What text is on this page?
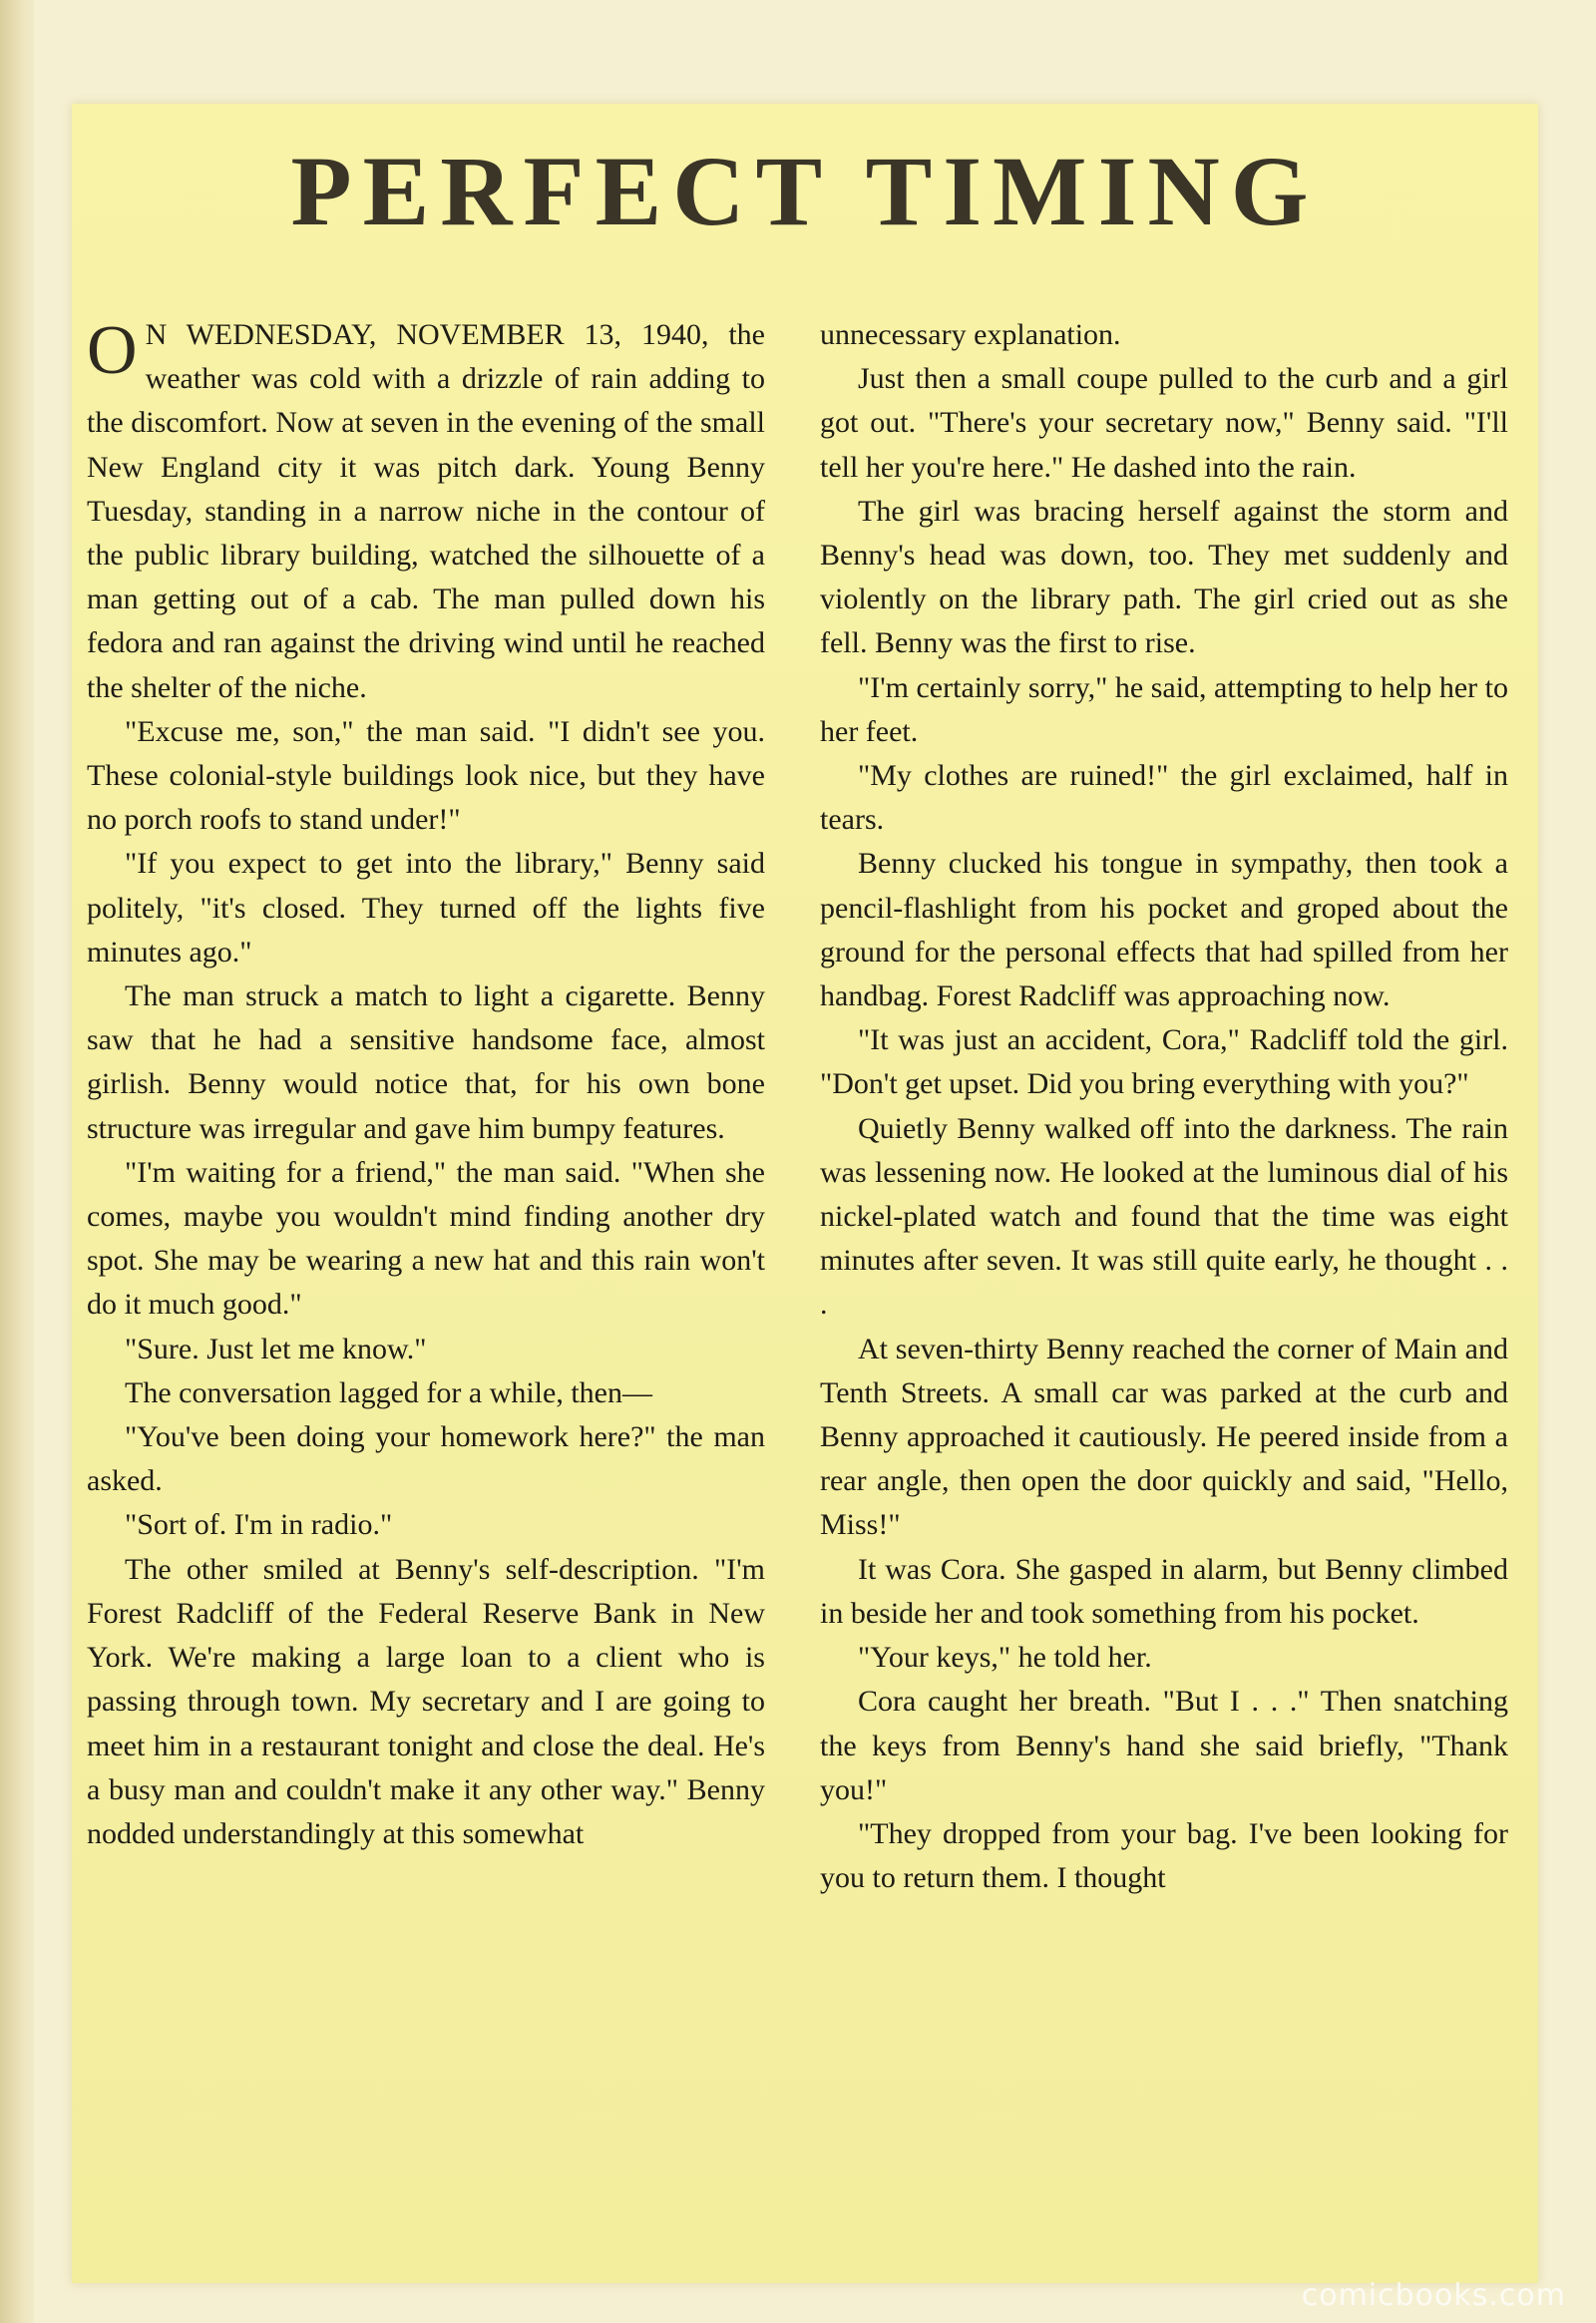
PERFECT TIMING

O N WEDNESDAY, NOVEMBER 13, 1940, the weather was cold with a drizzle of rain adding to the discomfort. Now at seven in the evening of the small New England city it was pitch dark. Young Benny Tuesday, standing in a narrow niche in the contour of the public library building, watched the silhouette of a man getting out of a cab. The man pulled down his fedora and ran against the driving wind until he reached the shelter of the niche.

"Excuse me, son," the man said. "I didn't see you. These colonial-style buildings look nice, but they have no porch roofs to stand under!"

"If you expect to get into the library," Benny said politely, "it's closed. They turned off the lights five minutes ago."

The man struck a match to light a cigarette. Benny saw that he had a sensitive handsome face, almost girlish. Benny would notice that, for his own bone structure was irregular and gave him bumpy features.

"I'm waiting for a friend," the man said. "When she comes, maybe you wouldn't mind finding another dry spot. She may be wearing a new hat and this rain won't do it much good."

"Sure. Just let me know."

The conversation lagged for a while, then—

"You've been doing your homework here?" the man asked.

"Sort of. I'm in radio."

The other smiled at Benny's self-description. "I'm Forest Radcliff of the Federal Reserve Bank in New York. We're making a large loan to a client who is passing through town. My secretary and I are going to meet him in a restaurant tonight and close the deal. He's a busy man and couldn't make it any other way." Benny nodded understandingly at this somewhat

unnecessary explanation.

Just then a small coupe pulled to the curb and a girl got out. "There's your secretary now," Benny said. "I'll tell her you're here." He dashed into the rain.

The girl was bracing herself against the storm and Benny's head was down, too. They met suddenly and violently on the library path. The girl cried out as she fell. Benny was the first to rise.

"I'm certainly sorry," he said, attempting to help her to her feet.

"My clothes are ruined!" the girl exclaimed, half in tears.

Benny clucked his tongue in sympathy, then took a pencil-flashlight from his pocket and groped about the ground for the personal effects that had spilled from her handbag. Forest Radcliff was approaching now.

"It was just an accident, Cora," Radcliff told the girl. "Don't get upset. Did you bring everything with you?"

Quietly Benny walked off into the darkness. The rain was lessening now. He looked at the luminous dial of his nickel-plated watch and found that the time was eight minutes after seven. It was still quite early, he thought . . .

At seven-thirty Benny reached the corner of Main and Tenth Streets. A small car was parked at the curb and Benny approached it cautiously. He peered inside from a rear angle, then open the door quickly and said, "Hello, Miss!"

It was Cora. She gasped in alarm, but Benny climbed in beside her and took something from his pocket.

"Your keys," he told her.

Cora caught her breath. "But I . . ." Then snatching the keys from Benny's hand she said briefly, "Thank you!"

"They dropped from your bag. I've been looking for you to return them. I thought

comicbooks.com
